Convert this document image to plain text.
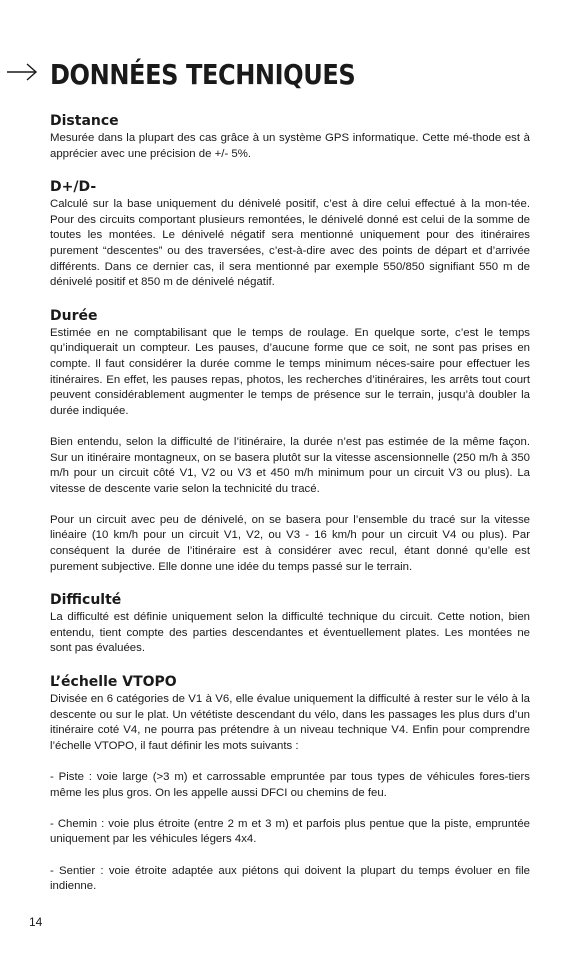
DONNÉES TECHNIQUES
Distance

Mesurée dans la plupart des cas grâce à un système GPS informatique. Cette mé-thode est à apprécier avec une précision de +/- 5%.

D+/D-

Calculé sur la base uniquement du dénivelé positif, c’est à dire celui effectué à la mon-tée. Pour des circuits comportant plusieurs remontées, le dénivelé donné est celui de la somme de toutes les montées. Le dénivelé négatif sera mentionné uniquement pour des itinéraires purement “descentes” ou des traversées, c’est-à-dire avec des points de départ et d’arrivée différents. Dans ce dernier cas, il sera mentionné par exemple 550/850 signifiant 550 m de dénivelé positif et 850 m de dénivelé négatif.

Durée

Estimée en ne comptabilisant que le temps de roulage. En quelque sorte, c’est le temps qu’indiquerait un compteur. Les pauses, d’aucune forme que ce soit, ne sont pas prises en compte. Il faut considérer la durée comme le temps minimum néces-saire pour effectuer les itinéraires. En effet, les pauses repas, photos, les recherches d’itinéraires, les arrêts tout court peuvent considérablement augmenter le temps de présence sur le terrain, jusqu’à doubler la durée indiquée.

Bien entendu, selon la difficulté de l’itinéraire, la durée n’est pas estimée de la même façon. Sur un itinéraire montagneux, on se basera plutôt sur la vitesse ascensionnelle (250 m/h à 350 m/h pour un circuit côté V1, V2 ou V3 et 450 m/h minimum pour un circuit V3 ou plus). La vitesse de descente varie selon la technicité du tracé.

Pour un circuit avec peu de dénivelé, on se basera pour l’ensemble du tracé sur la vitesse linéaire (10 km/h pour un circuit V1, V2, ou V3 - 16 km/h pour un circuit V4 ou plus). Par conséquent la durée de l’itinéraire est à considérer avec recul, étant donné qu’elle est purement subjective. Elle donne une idée du temps passé sur le terrain.

Difficulté

La difficulté est définie uniquement selon la difficulté technique du circuit. Cette notion, bien entendu, tient compte des parties descendantes et éventuellement plates. Les montées ne sont pas évaluées.

L’échelle VTOPO

Divisée en 6 catégories de V1 à V6, elle évalue uniquement la difficulté à rester sur le vélo à la descente ou sur le plat. Un vététiste descendant du vélo, dans les passages les plus durs d’un itinéraire coté V4, ne pourra pas prétendre à un niveau technique V4. Enfin pour comprendre l’échelle VTOPO, il faut définir les mots suivants :

- Piste : voie large (>3 m) et carrossable empruntée par tous types de véhicules fores-tiers même les plus gros. On les appelle aussi DFCI ou chemins de feu.

- Chemin : voie plus étroite (entre 2 m et 3 m) et parfois plus pentue que la piste, empruntée uniquement par les véhicules légers 4x4.

- Sentier : voie étroite adaptée aux piétons qui doivent la plupart du temps évoluer en file indienne.

14
